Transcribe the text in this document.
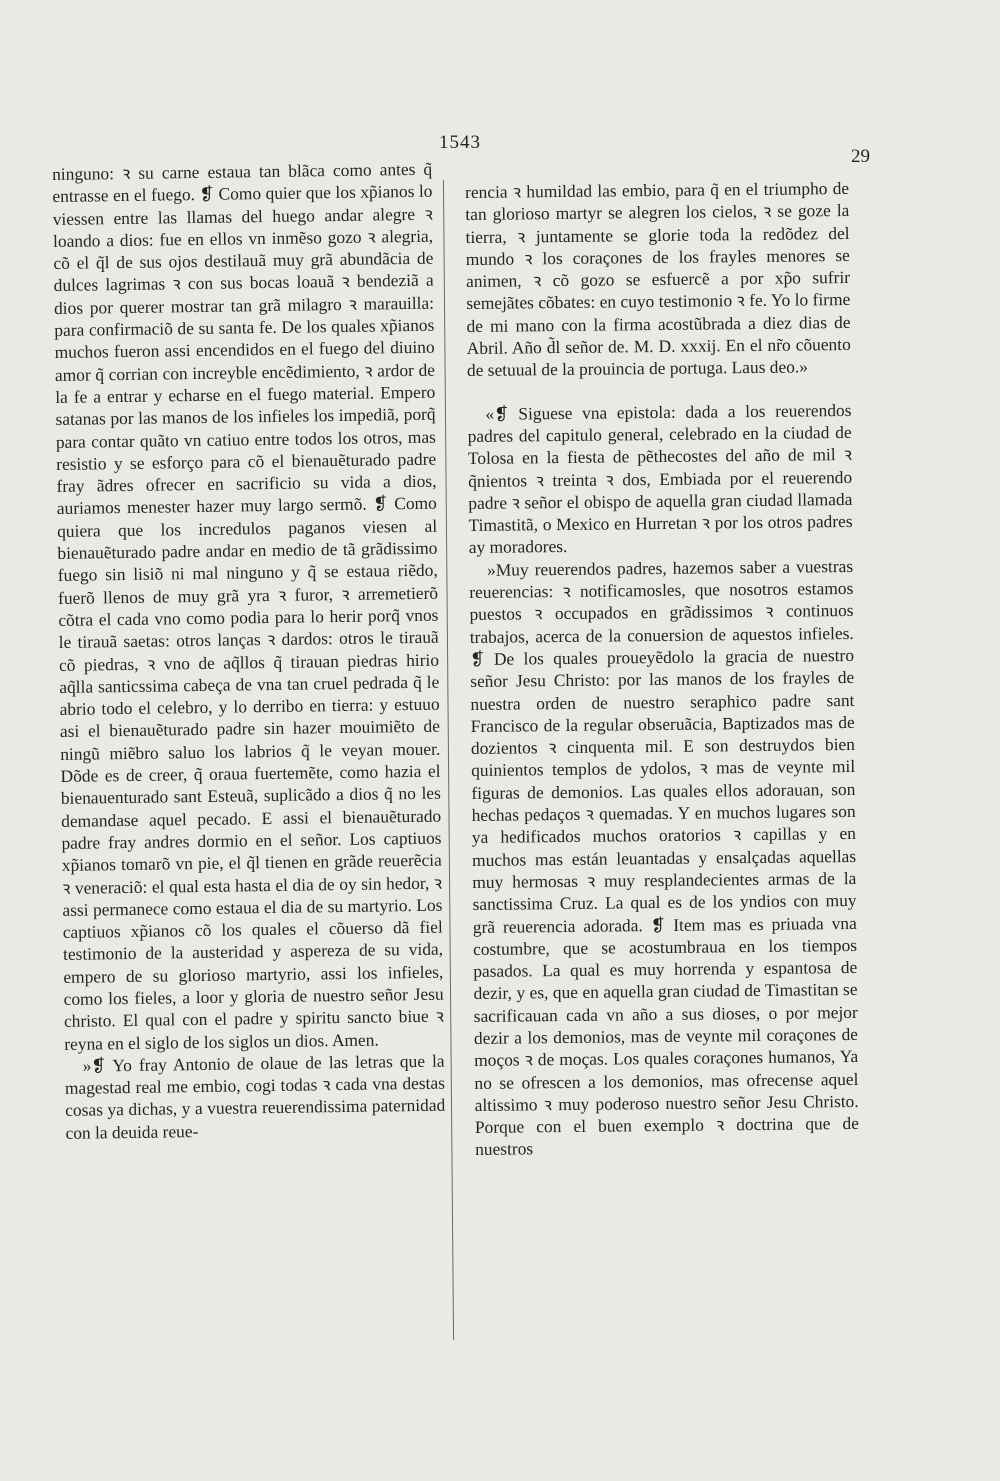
1543
29

ninguno: ꝛ su carne estaua tan blãca como antes q̃ entrasse en el fuego. ❡ Como quier que los xp̃ianos lo viessen entre las llamas del huego andar alegre ꝛ loando a dios: fue en ellos vn inmẽso gozo ꝛ alegria, cõ el q̃l de sus ojos destilauã muy grã abundãcia de dulces lagrimas ꝛ con sus bocas loauã ꝛ bendeziã a dios por querer mostrar tan grã milagro ꝛ marauilla: para confirmaciõ de su santa fe. De los quales xp̃ianos muchos fueron assi encendidos en el fuego del diuino amor q̃ corrian con increyble encẽdimiento, ꝛ ardor de la fe a entrar y echarse en el fuego material. Empero satanas por las manos de los infieles los impediã, porq̃ para contar quãto vn catiuo entre todos los otros, mas resistio y se esforço para cõ el bienauẽturado padre fray ãdres ofrecer en sacrificio su vida a dios, auriamos menester hazer muy largo sermõ. ❡ Como quiera que los incredulos paganos viesen al bienauẽturado padre andar en medio de tã grãdissimo fuego sin lisiõ ni mal ninguno y q̃ se estaua riẽdo, fuerõ llenos de muy grã yra ꝛ furor, ꝛ arremetierõ cõtra el cada vno como podia para lo herir porq̃ vnos le tirauã saetas: otros lanças ꝛ dardos: otros le tirauã cõ piedras, ꝛ vno de aq̃llos q̃ tirauan piedras hirio aq̃lla santicssima cabeça de vna tan cruel pedrada q̃ le abrio todo el celebro, y lo derribo en tierra: y estuuo asi el bienauẽturado padre sin hazer mouimiẽto de ningũ miẽbro saluo los labrios q̃ le veyan mouer. Dõde es de creer, q̃ oraua fuertemẽte, como hazia el bienauenturado sant Esteuã, suplicãdo a dios q̃ no les demandase aquel pecado. E assi el bienauẽturado padre fray andres dormio en el señor. Los captiuos xp̃ianos tomarõ vn pie, el q̃l tienen en grãde reuerẽcia ꝛ veneraciõ: el qual esta hasta el dia de oy sin hedor, ꝛ assi permanece como estaua el dia de su martyrio. Los captiuos xp̃ianos cõ los quales el cõuerso dã fiel testimonio de la austeridad y aspereza de su vida, empero de su glorioso martyrio, assi los infieles, como los fieles, a loor y gloria de nuestro señor Jesu christo. El qual con el padre y spiritu sancto biue ꝛ reyna en el siglo de los siglos un dios. Amen.

»❡ Yo fray Antonio de olaue de las letras que la magestad real me embio, cogi todas ꝛ cada vna destas cosas ya dichas, y a vuestra reuerendissima paternidad con la deuida reue-

rencia ꝛ humildad las embio, para q̃ en el triumpho de tan glorioso martyr se alegren los cielos, ꝛ se goze la tierra, ꝛ juntamente se glorie toda la redõdez del mundo ꝛ los coraçones de los frayles menores se animen, ꝛ cõ gozo se esfuercẽ a por xp̃o sufrir semejãtes cõbates: en cuyo testimonio ꝛ fe. Yo lo firme de mi mano con la firma acostũbrada a diez dias de Abril. Año d̃l señor de. M. D. xxxij. En el nr̃o cõuento de setuual de la prouincia de portuga. Laus deo.»

«❡ Siguese vna epistola: dada a los reuerendos padres del capitulo general, celebrado en la ciudad de Tolosa en la fiesta de pẽthecostes del año de mil ꝛ q̃nientos ꝛ treinta ꝛ dos, Embiada por el reuerendo padre ꝛ señor el obispo de aquella gran ciudad llamada Timastitã, o Mexico en Hurretan ꝛ por los otros padres ay moradores.

»Muy reuerendos padres, hazemos saber a vuestras reuerencias: ꝛ notificamosles, que nosotros estamos puestos ꝛ occupados en grãdissimos ꝛ continuos trabajos, acerca de la conuersion de aquestos infieles. ❡ De los quales proueyẽdolo la gracia de nuestro señor Jesu Christo: por las manos de los frayles de nuestra orden de nuestro seraphico padre sant Francisco de la regular obseruãcia, Baptizados mas de dozientos ꝛ cinquenta mil. E son destruydos bien quinientos templos de ydolos, ꝛ mas de veynte mil figuras de demonios. Las quales ellos adorauan, son hechas pedaços ꝛ quemadas. Y en muchos lugares son ya hedificados muchos oratorios ꝛ capillas y en muchos mas están leuantadas y ensalçadas aquellas muy hermosas ꝛ muy resplandecientes armas de la sanctissima Cruz. La qual es de los yndios con muy grã reuerencia adorada. ❡ Item mas es priuada vna costumbre, que se acostumbraua en los tiempos pasados. La qual es muy horrenda y espantosa de dezir, y es, que en aquella gran ciudad de Timastitan se sacrificauan cada vn año a sus dioses, o por mejor dezir a los demonios, mas de veynte mil coraçones de moços ꝛ de moças. Los quales coraçones humanos, Ya no se ofrescen a los demonios, mas ofrecense aquel altissimo ꝛ muy poderoso nuestro señor Jesu Christo. Porque con el buen exemplo ꝛ doctrina que de nuestros
